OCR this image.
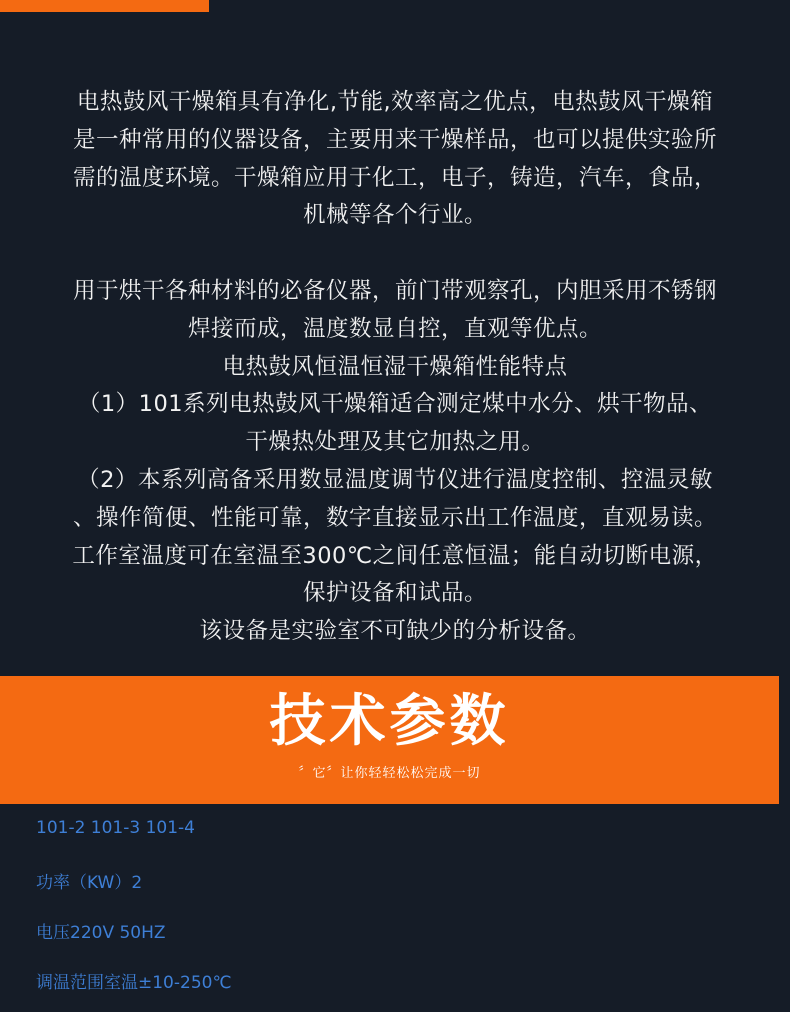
电热鼓风干燥箱具有净化,节能,效率高之优点，电热鼓风干燥箱

是一种常用的仪器设备，主要用来干燥样品，也可以提供实验所

需的温度环境。干燥箱应用于化工，电子，铸造，汽车，食品，

机械等各个行业。

用于烘干各种材料的必备仪器，前门带观察孔，内胆采用不锈钢

焊接而成，温度数显自控，直观等优点。

电热鼓风恒温恒湿干燥箱性能特点

（1）101系列电热鼓风干燥箱适合测定煤中水分、烘干物品、

干燥热处理及其它加热之用。

（2）本系列高备采用数显温度调节仪进行温度控制、控温灵敏

、操作简便、性能可靠，数字直接显示出工作温度，直观易读。

工作室温度可在室温至300℃之间任意恒温；能自动切断电源，

保护设备和试品。

该设备是实验室不可缺少的分析设备。

技术参数
〞它〞让你轻轻松松完成一切
101-2 101-3 101-4
功率（KW）2
电压220V 50HZ
调温范围室温±10-250℃
